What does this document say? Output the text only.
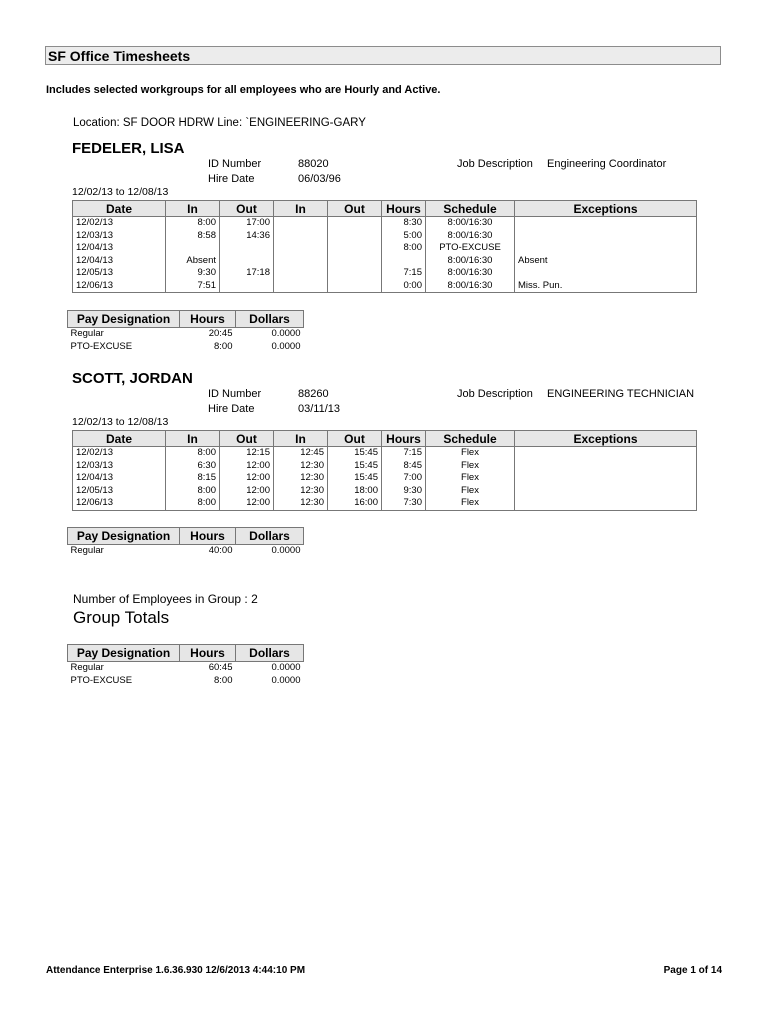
SF Office Timesheets
Includes selected workgroups for all employees who are Hourly and Active.
Location: SF DOOR HDRW Line: `ENGINEERING-GARY
FEDELER, LISA
ID Number	88020	Job Description Engineering Coordinator
Hire Date	06/03/96
12/02/13 to 12/08/13
Date	In	Out	In	Out	Hours	Schedule	Exceptions
12/02/13	8:00	17:00			8:30	8:00/16:30	
12/03/13	8:58	14:36			5:00	8:00/16:30	
12/04/13					8:00	PTO-EXCUSE	
12/04/13	Absent					8:00/16:30	Absent
12/05/13	9:30	17:18			7:15	8:00/16:30	
12/06/13	7:51				0:00	8:00/16:30	Miss. Pun.
Pay Designation	Hours	Dollars
Regular	20:45	0.0000
PTO-EXCUSE	8:00	0.0000
SCOTT, JORDAN
ID Number	88260	Job Description ENGINEERING TECHNICIAN
Hire Date	03/11/13
12/02/13 to 12/08/13
Date	In	Out	In	Out	Hours	Schedule	Exceptions
12/02/13	8:00	12:15	12:45	15:45	7:15	Flex	
12/03/13	6:30	12:00	12:30	15:45	8:45	Flex	
12/04/13	8:15	12:00	12:30	15:45	7:00	Flex	
12/05/13	8:00	12:00	12:30	18:00	9:30	Flex	
12/06/13	8:00	12:00	12:30	16:00	7:30	Flex	
Pay Designation	Hours	Dollars
Regular	40:00	0.0000
Number of Employees in Group : 2
Group Totals
Pay Designation	Hours	Dollars
Regular	60:45	0.0000
PTO-EXCUSE	8:00	0.0000
Attendance Enterprise 1.6.36.930 12/6/2013 4:44:10 PM	Page 1 of 14
